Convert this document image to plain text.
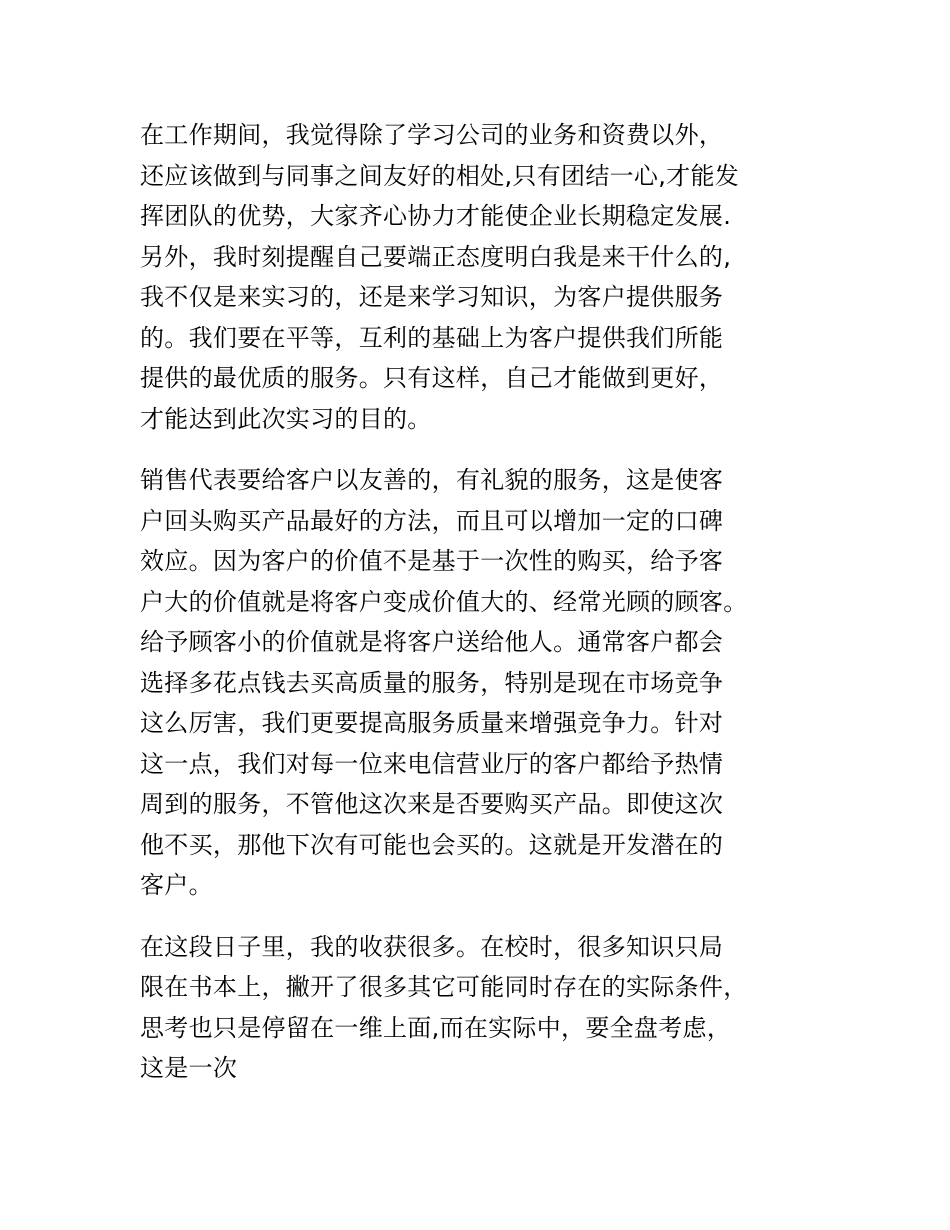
在工作期间，我觉得除了学习公司的业务和资费以外，
还应该做到与同事之间友好的相处,只有团结一心,才能发
挥团队的优势，大家齐心协力才能使企业长期稳定发展.
另外，我时刻提醒自己要端正态度明白我是来干什么的,
我不仅是来实习的，还是来学习知识，为客户提供服务
的。我们要在平等，互利的基础上为客户提供我们所能
提供的最优质的服务。只有这样，自己才能做到更好，
才能达到此次实习的目的。

销售代表要给客户以友善的，有礼貌的服务，这是使客
户回头购买产品最好的方法，而且可以增加一定的口碑
效应。因为客户的价值不是基于一次性的购买，给予客
户大的价值就是将客户变成价值大的、经常光顾的顾客。
给予顾客小的价值就是将客户送给他人。通常客户都会
选择多花点钱去买高质量的服务，特别是现在市场竞争
这么厉害，我们更要提高服务质量来增强竞争力。针对
这一点，我们对每一位来电信营业厅的客户都给予热情
周到的服务，不管他这次来是否要购买产品。即使这次
他不买，那他下次有可能也会买的。这就是开发潜在的
客户。

在这段日子里，我的收获很多。在校时，很多知识只局
限在书本上，撇开了很多其它可能同时存在的实际条件，
思考也只是停留在一维上面,而在实际中，要全盘考虑，
这是一次
